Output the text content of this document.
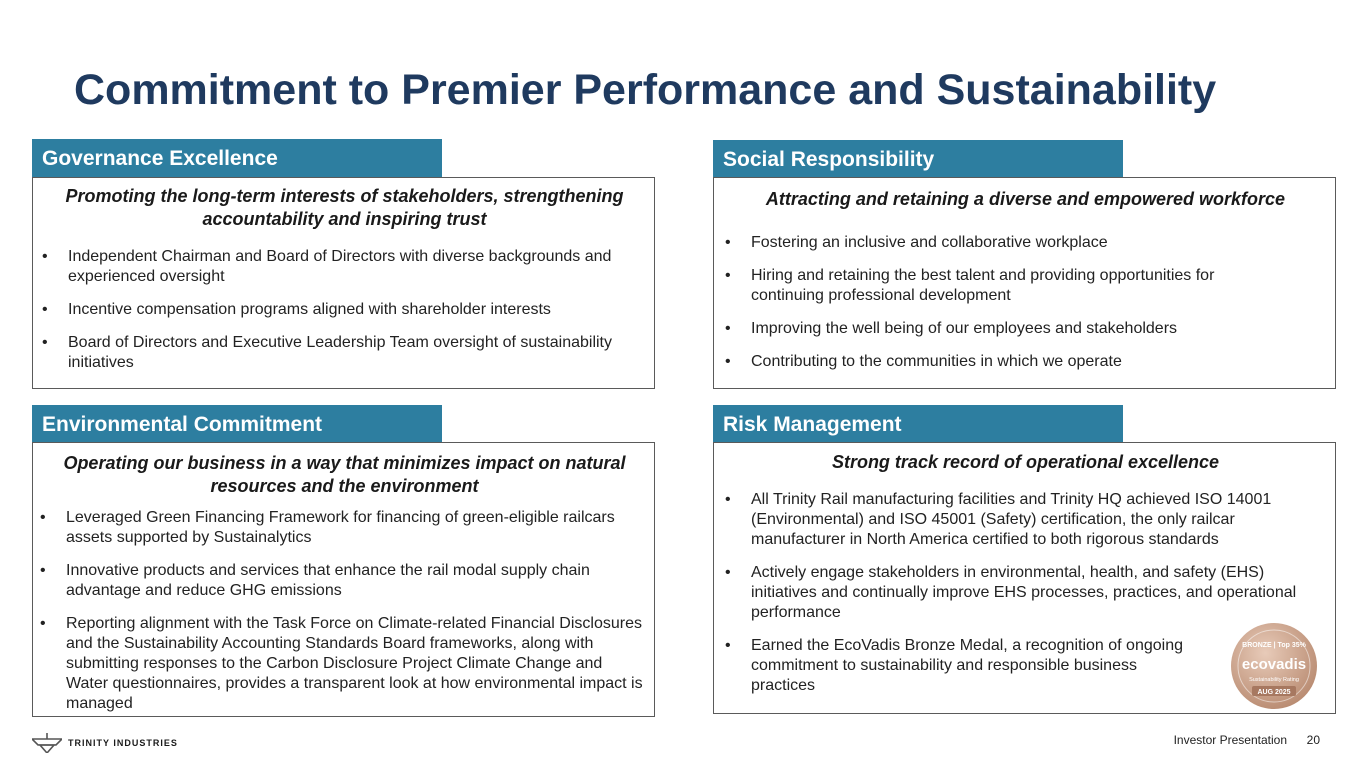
Commitment to Premier Performance and Sustainability
Governance Excellence
Promoting the long-term interests of stakeholders, strengthening accountability and inspiring trust
• Independent Chairman and Board of Directors with diverse backgrounds and experienced oversight
• Incentive compensation programs aligned with shareholder interests
• Board of Directors and Executive Leadership Team oversight of sustainability initiatives
Social Responsibility
Attracting and retaining a diverse and empowered workforce
• Fostering an inclusive and collaborative workplace
• Hiring and retaining the best talent and providing opportunities for continuing professional development
• Improving the well being of our employees and stakeholders
• Contributing to the communities in which we operate
Environmental Commitment
Operating our business in a way that minimizes impact on natural resources and the environment
• Leveraged Green Financing Framework for financing of green-eligible railcars assets supported by Sustainalytics
• Innovative products and services that enhance the rail modal supply chain advantage and reduce GHG emissions
• Reporting alignment with the Task Force on Climate-related Financial Disclosures and the Sustainability Accounting Standards Board frameworks, along with submitting responses to the Carbon Disclosure Project Climate Change and Water questionnaires, provides a transparent look at how environmental impact is managed
Risk Management
Strong track record of operational excellence
• All Trinity Rail manufacturing facilities and Trinity HQ achieved ISO 14001 (Environmental) and ISO 45001 (Safety) certification, the only railcar manufacturer in North America certified to both rigorous standards
• Actively engage stakeholders in environmental, health, and safety (EHS) initiatives and continually improve EHS processes, practices, and operational performance
• Earned the EcoVadis Bronze Medal, a recognition of ongoing commitment to sustainability and responsible business practices
BRONZE | Top 35%
ecovadis
Sustainability Rating
AUG 2025
TRINITY INDUSTRIES	Investor Presentation 20
